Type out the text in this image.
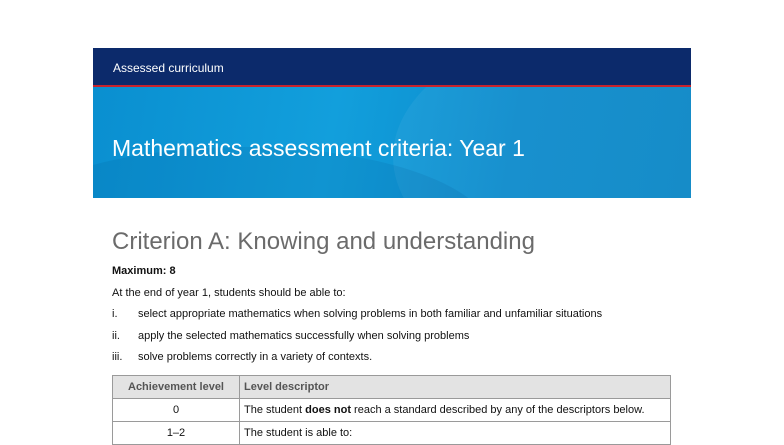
Assessed curriculum
Mathematics assessment criteria: Year 1
Criterion A: Knowing and understanding
Maximum: 8
At the end of year 1, students should be able to:
i. select appropriate mathematics when solving problems in both familiar and unfamiliar situations
ii. apply the selected mathematics successfully when solving problems
iii. solve problems correctly in a variety of contexts.
Achievement level	Level descriptor
0	The student does not reach a standard described by any of the descriptors below.
1–2	The student is able to:
